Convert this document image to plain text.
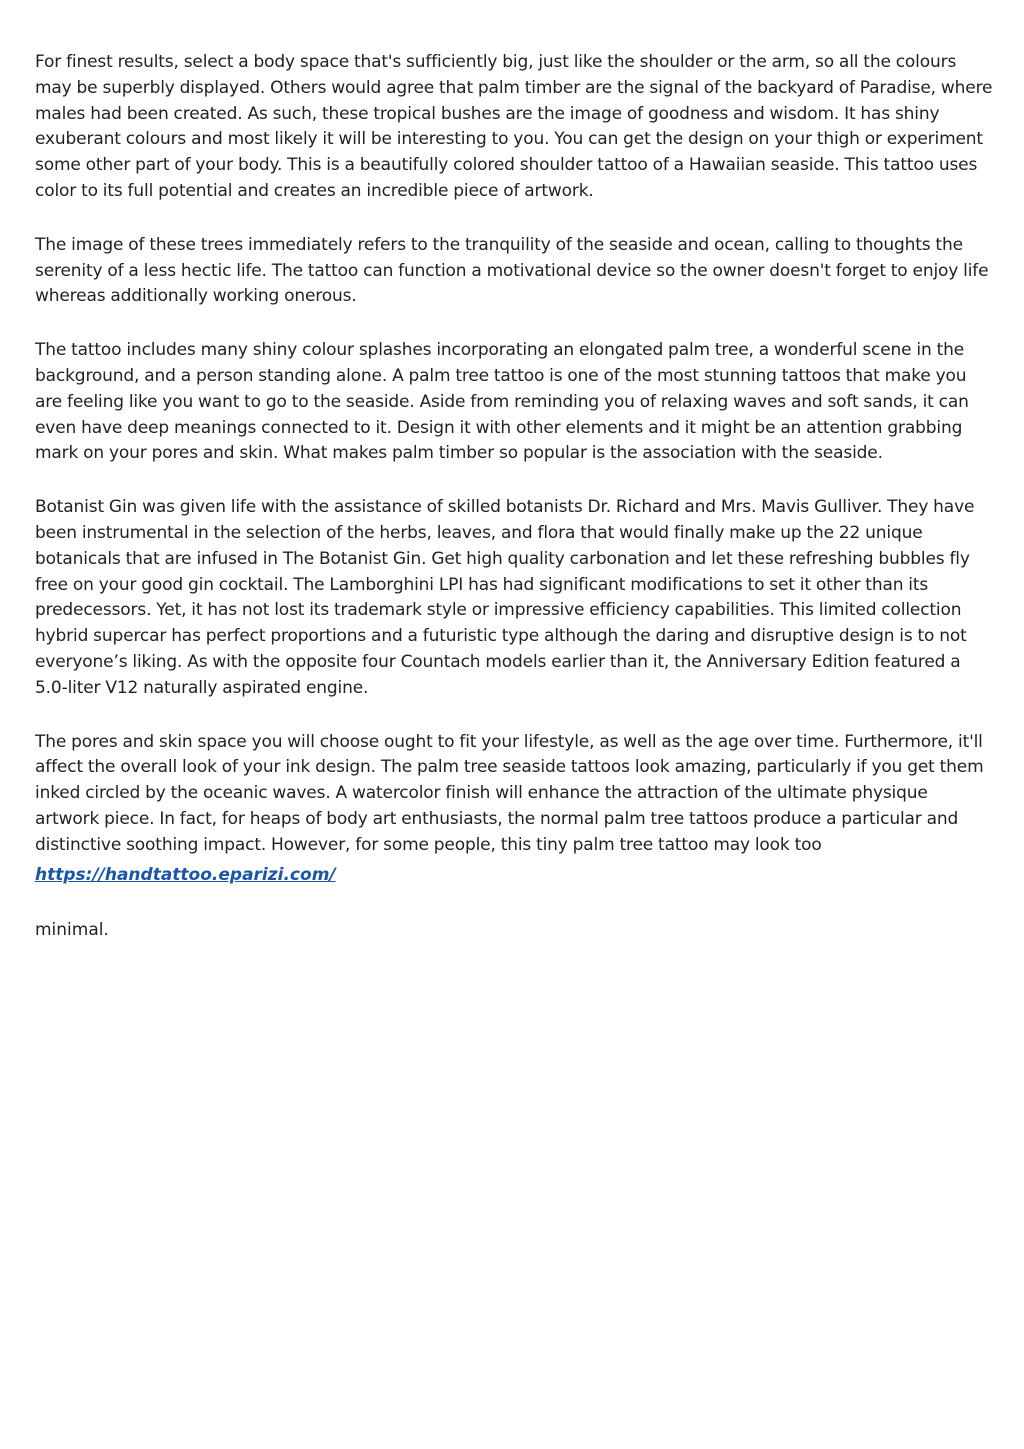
For finest results, select a body space that's sufficiently big, just like the shoulder or the arm, so all the colours may be superbly displayed. Others would agree that palm timber are the signal of the backyard of Paradise, where males had been created. As such, these tropical bushes are the image of goodness and wisdom. It has shiny exuberant colours and most likely it will be interesting to you. You can get the design on your thigh or experiment some other part of your body. This is a beautifully colored shoulder tattoo of a Hawaiian seaside. This tattoo uses color to its full potential and creates an incredible piece of artwork.

The image of these trees immediately refers to the tranquility of the seaside and ocean, calling to thoughts the serenity of a less hectic life. The tattoo can function a motivational device so the owner doesn't forget to enjoy life whereas additionally working onerous.

The tattoo includes many shiny colour splashes incorporating an elongated palm tree, a wonderful scene in the background, and a person standing alone. A palm tree tattoo is one of the most stunning tattoos that make you are feeling like you want to go to the seaside. Aside from reminding you of relaxing waves and soft sands, it can even have deep meanings connected to it. Design it with other elements and it might be an attention grabbing mark on your pores and skin. What makes palm timber so popular is the association with the seaside.

Botanist Gin was given life with the assistance of skilled botanists Dr. Richard and Mrs. Mavis Gulliver. They have been instrumental in the selection of the herbs, leaves, and flora that would finally make up the 22 unique botanicals that are infused in The Botanist Gin. Get high quality carbonation and let these refreshing bubbles fly free on your good gin cocktail. The Lamborghini LPI has had significant modifications to set it other than its predecessors. Yet, it has not lost its trademark style or impressive efficiency capabilities. This limited collection hybrid supercar has perfect proportions and a futuristic type although the daring and disruptive design is to not everyone’s liking. As with the opposite four Countach models earlier than it, the Anniversary Edition featured a 5.0-liter V12 naturally aspirated engine.

The pores and skin space you will choose ought to fit your lifestyle, as well as the age over time. Furthermore, it'll affect the overall look of your ink design. The palm tree seaside tattoos look amazing, particularly if you get them inked circled by the oceanic waves. A watercolor finish will enhance the attraction of the ultimate physique artwork piece. In fact, for heaps of body art enthusiasts, the normal palm tree tattoos produce a particular and distinctive soothing impact. However, for some people, this tiny palm tree tattoo may look too

https://handtattoo.eparizi.com/

minimal.
